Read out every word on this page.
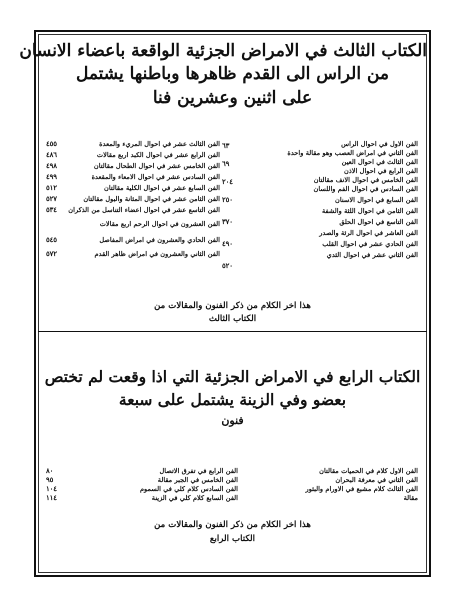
الكتاب الثالث في الامراض الجزئية الواقعة باعضاء الانسان
من الراس الى القدم ظاهرها وباطنها يشتمل
على اثنين وعشرين فنا
الفن الاول في احوال الراس
الفن الثاني في امراض العصب وهو مقالة واحدة
الفن الثالث في احوال العين
الفن الرابع في احوال الاذن
الفن الخامس في احوال الانف مقالتان
الفن السادس في احوال الفم واللسان
الفن السابع في احوال الاسنان
الفن الثامن في احوال اللثة والشفة
الفن التاسع في احوال الحلق
الفن العاشر في احوال الرئة والصدر
الفن الحادي عشر في احوال القلب
الفن الثاني عشر في احوال الثدي
٦٣
٦٩
٢٠٤
٢٥٠
٣٧٠
٤٩٠
٥٢٠
الفن الثالث عشر في احوال المريء والمعدة
الفن الرابع عشر في احوال الكبد اربع مقالات
الفن الخامس عشر في احوال الطحال مقالتان
الفن السادس عشر في احوال الامعاء والمقعدة
الفن السابع عشر في احوال الكلية مقالتان
الفن الثامن عشر في احوال المثانة والبول مقالتان
الفن التاسع عشر في احوال اعضاء التناسل من الذكران
الفن العشرون في احوال الرحم اربع مقالات
الفن الحادي والعشرون في امراض المفاصل
الفن الثاني والعشرون في امراض ظاهر القدم
٤٥٥
٤٨٦
٤٩٨
٤٩٩
٥١٢
٥٢٧
٥٣٤
٥٤٥
٥٧٢
هذا اخر الكلام من ذكر الفنون والمقالات من
الكتاب الثالث
الكتاب الرابع في الامراض الجزئية التي اذا وقعت لم تختص
بعضو وفي الزينة يشتمل على سبعة
فنون
الفن الاول كلام في الحميات مقالتان
الفن الثاني في معرفة البحران
الفن الثالث كلام مشبع في الاورام والبثور
مقالة
الفن الرابع في تفرق الاتصال
الفن الخامس في الجبر مقالة
الفن السادس كلام كلي في السموم
الفن السابع كلام كلي في الزينة
٨٠
٩٥
١٠٤
١١٤
هذا اخر الكلام من ذكر الفنون والمقالات من
الكتاب الرابع
